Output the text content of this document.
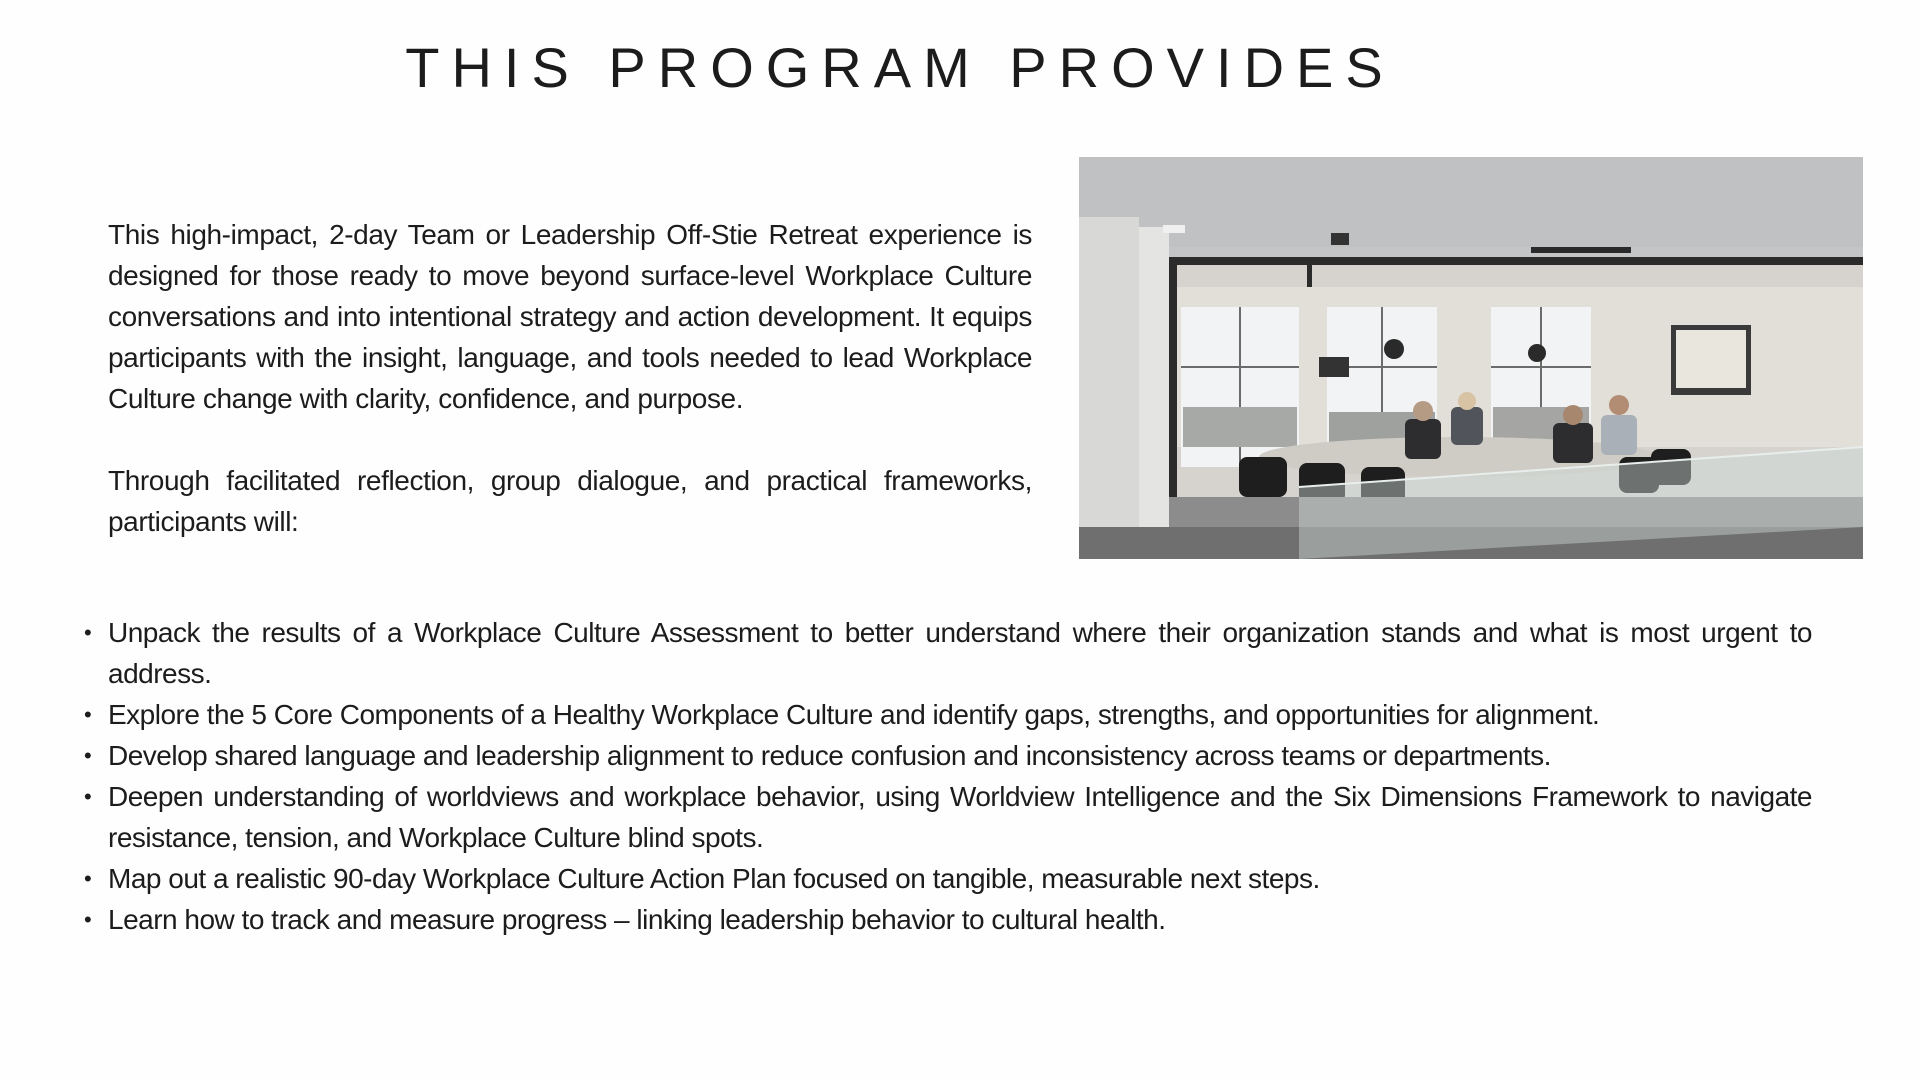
THIS PROGRAM PROVIDES

This high-impact, 2-day Team or Leadership Off-Stie Retreat experience is designed for those ready to move beyond surface-level Workplace Culture conversations and into intentional strategy and action development. It equips participants with the insight, language, and tools needed to lead Workplace Culture change with clarity, confidence, and purpose.

Through facilitated reflection, group dialogue, and practical frameworks, participants will:

• Unpack the results of a Workplace Culture Assessment to better understand where their organization stands and what is most urgent to address.
• Explore the 5 Core Components of a Healthy Workplace Culture and identify gaps, strengths, and opportunities for alignment.
• Develop shared language and leadership alignment to reduce confusion and inconsistency across teams or departments.
• Deepen understanding of worldviews and workplace behavior, using Worldview Intelligence and the Six Dimensions Framework to navigate resistance, tension, and Workplace Culture blind spots.
• Map out a realistic 90-day Workplace Culture Action Plan focused on tangible, measurable next steps.
• Learn how to track and measure progress – linking leadership behavior to cultural health.
